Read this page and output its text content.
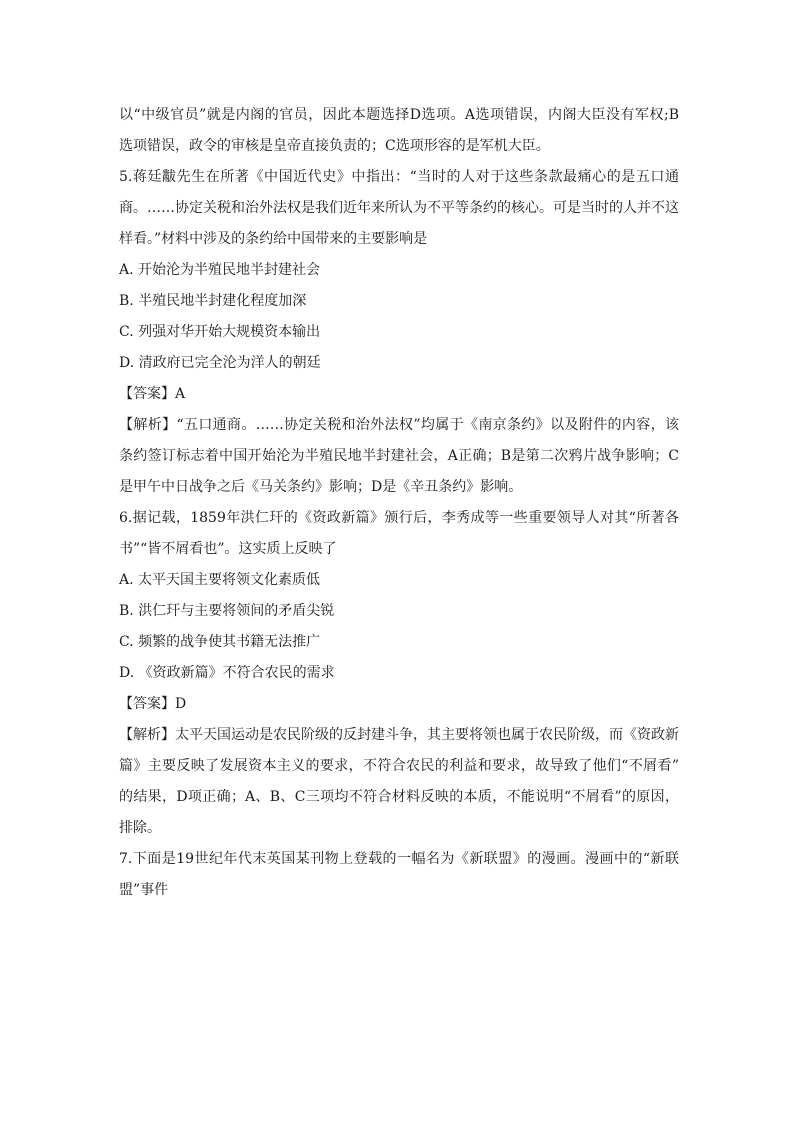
以“中级官员”就是内阁的官员，因此本题选择D选项。A选项错误，内阁大臣没有军权;B
选项错误，政令的审核是皇帝直接负责的；C选项形容的是军机大臣。
5.蒋廷黻先生在所著《中国近代史》中指出：“当时的人对于这些条款最痛心的是五口通
商。……协定关税和治外法权是我们近年来所认为不平等条约的核心。可是当时的人并不这
样看。”材料中涉及的条约给中国带来的主要影响是
A. 开始沦为半殖民地半封建社会
B. 半殖民地半封建化程度加深
C. 列强对华开始大规模资本输出
D. 清政府已完全沦为洋人的朝廷
【答案】A
【解析】“五口通商。……协定关税和治外法权”均属于《南京条约》以及附件的内容，该
条约签订标志着中国开始沦为半殖民地半封建社会，A正确；B是第二次鸦片战争影响；C
是甲午中日战争之后《马关条约》影响；D是《辛丑条约》影响。
6.据记载，1859年洪仁玕的《资政新篇》颁行后，李秀成等一些重要领导人对其“所著各
书”“皆不屑看也”。这实质上反映了
A. 太平天国主要将领文化素质低
B. 洪仁玕与主要将领间的矛盾尖锐
C. 频繁的战争使其书籍无法推广
D. 《资政新篇》不符合农民的需求
【答案】D
【解析】太平天国运动是农民阶级的反封建斗争，其主要将领也属于农民阶级，而《资政新
篇》主要反映了发展资本主义的要求，不符合农民的利益和要求，故导致了他们“不屑看”
的结果，D项正确；A、B、C三项均不符合材料反映的本质，不能说明“不屑看”的原因，
排除。
7.下面是19世纪年代末英国某刊物上登载的一幅名为《新联盟》的漫画。漫画中的“新联
盟”事件
